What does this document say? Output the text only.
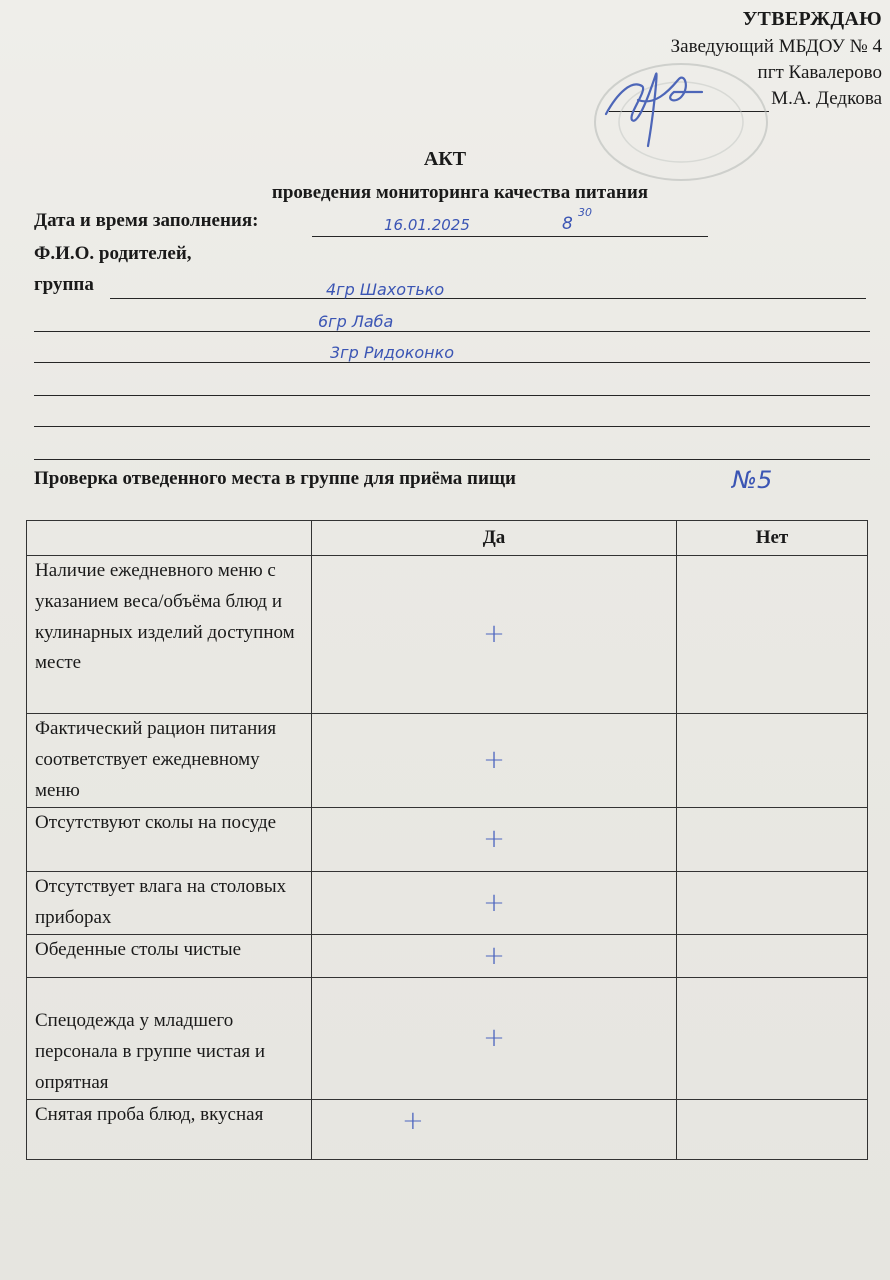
УТВЕРЖДАЮ
Заведующий МБДОУ № 4
пгт Кавалерово
М.А. Дедкова
АКТ
проведения мониторинга качества питания
Дата и время заполнения:	16.01.2025	8
30
Ф.И.О. родителей,
группа	4гр Шахотько
6гр Лаба
3гр Ридоконко
Проверка отведенного места в группе для приёма пищи	№5
	Да	Нет
Наличие ежедневного меню с указанием веса/объёма блюд и кулинарных изделий доступном месте	+	
Фактический рацион питания соответствует ежедневному меню	+	
Отсутствуют сколы на посуде	+	
Отсутствует влага на столовых приборах	+	
Обеденные столы чистые	+	
Спецодежда у младшего персонала в группе чистая и опрятная	+	
Снятая проба блюд, вкусная	+	
